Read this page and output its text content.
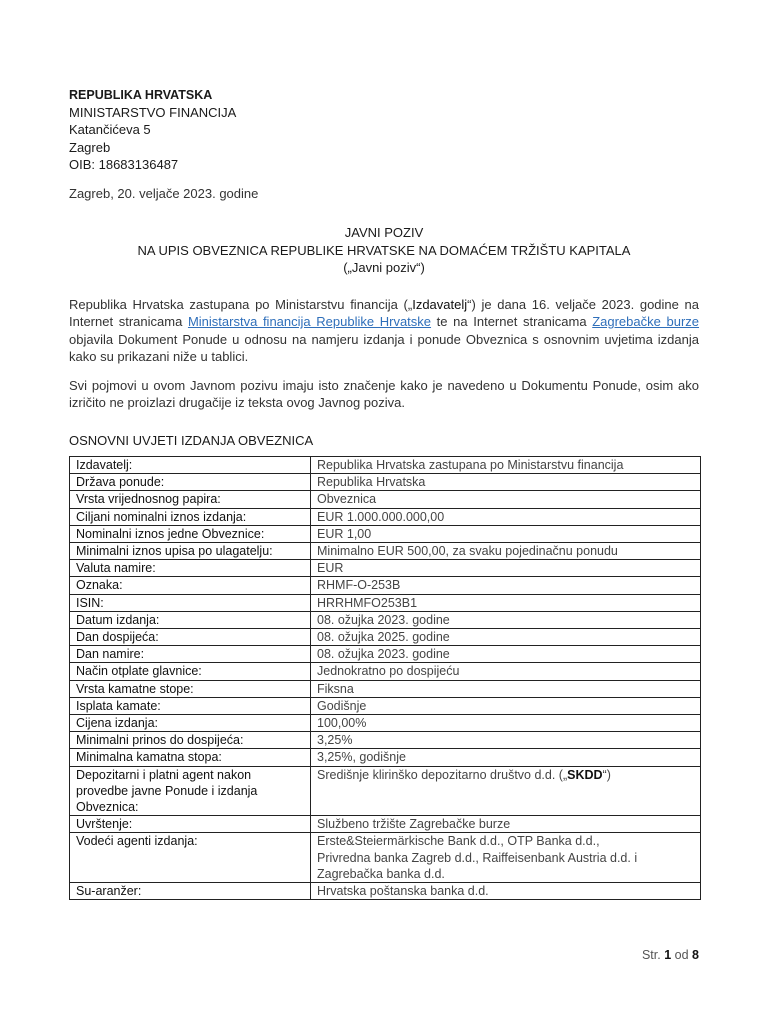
REPUBLIKA HRVATSKA
MINISTARSTVO FINANCIJA
Katančićeva 5
Zagreb
OIB: 18683136487
Zagreb, 20. veljače 2023. godine
JAVNI POZIV
NA UPIS OBVEZNICA REPUBLIKE HRVATSKE NA DOMAĆEM TRŽIŠTU KAPITALA
(„Javni poziv“)
Republika Hrvatska zastupana po Ministarstvu financija („Izdavatelj“) je dana 16. veljače 2023. godine na Internet stranicama Ministarstva financija Republike Hrvatske te na Internet stranicama Zagrebačke burze objavila Dokument Ponude u odnosu na namjeru izdanja i ponude Obveznica s osnovnim uvjetima izdanja kako su prikazani niže u tablici.
Svi pojmovi u ovom Javnom pozivu imaju isto značenje kako je navedeno u Dokumentu Ponude, osim ako izričito ne proizlazi drugačije iz teksta ovog Javnog poziva.
OSNOVNI UVJETI IZDANJA OBVEZNICA
Izdavatelj:	Republika Hrvatska zastupana po Ministarstvu financija
Država ponude:	Republika Hrvatska
Vrsta vrijednosnog papira:	Obveznica
Ciljani nominalni iznos izdanja:	EUR 1.000.000.000,00
Nominalni iznos jedne Obveznice:	EUR 1,00
Minimalni iznos upisa po ulagatelju:	Minimalno EUR 500,00, za svaku pojedinačnu ponudu
Valuta namire:	EUR
Oznaka:	RHMF-O-253B
ISIN:	HRRHMFO253B1
Datum izdanja:	08. ožujka 2023. godine
Dan dospijeća:	08. ožujka 2025. godine
Dan namire:	08. ožujka 2023. godine
Način otplate glavnice:	Jednokratno po dospijeću
Vrsta kamatne stope:	Fiksna
Isplata kamate:	Godišnje
Cijena izdanja:	100,00%
Minimalni prinos do dospijeća:	3,25%
Minimalna kamatna stopa:	3,25%, godišnje

Depozitarni i platni agent nakon
provedbe javne Ponude i izdanja
Obveznica:	Središnje klirinško depozitarno društvo d.d. („SKDD“)
Uvrštenje:	Službeno tržište Zagrebačke burze
Vodeći agenti izdanja:	Erste&Steiermärkische Bank d.d., OTP Banka d.d.,
Privredna banka Zagreb d.d., Raiffeisenbank Austria d.d. i
Zagrebačka banka d.d.

Su-aranžer:	Hrvatska poštanska banka d.d.
Str. 1 od 8
